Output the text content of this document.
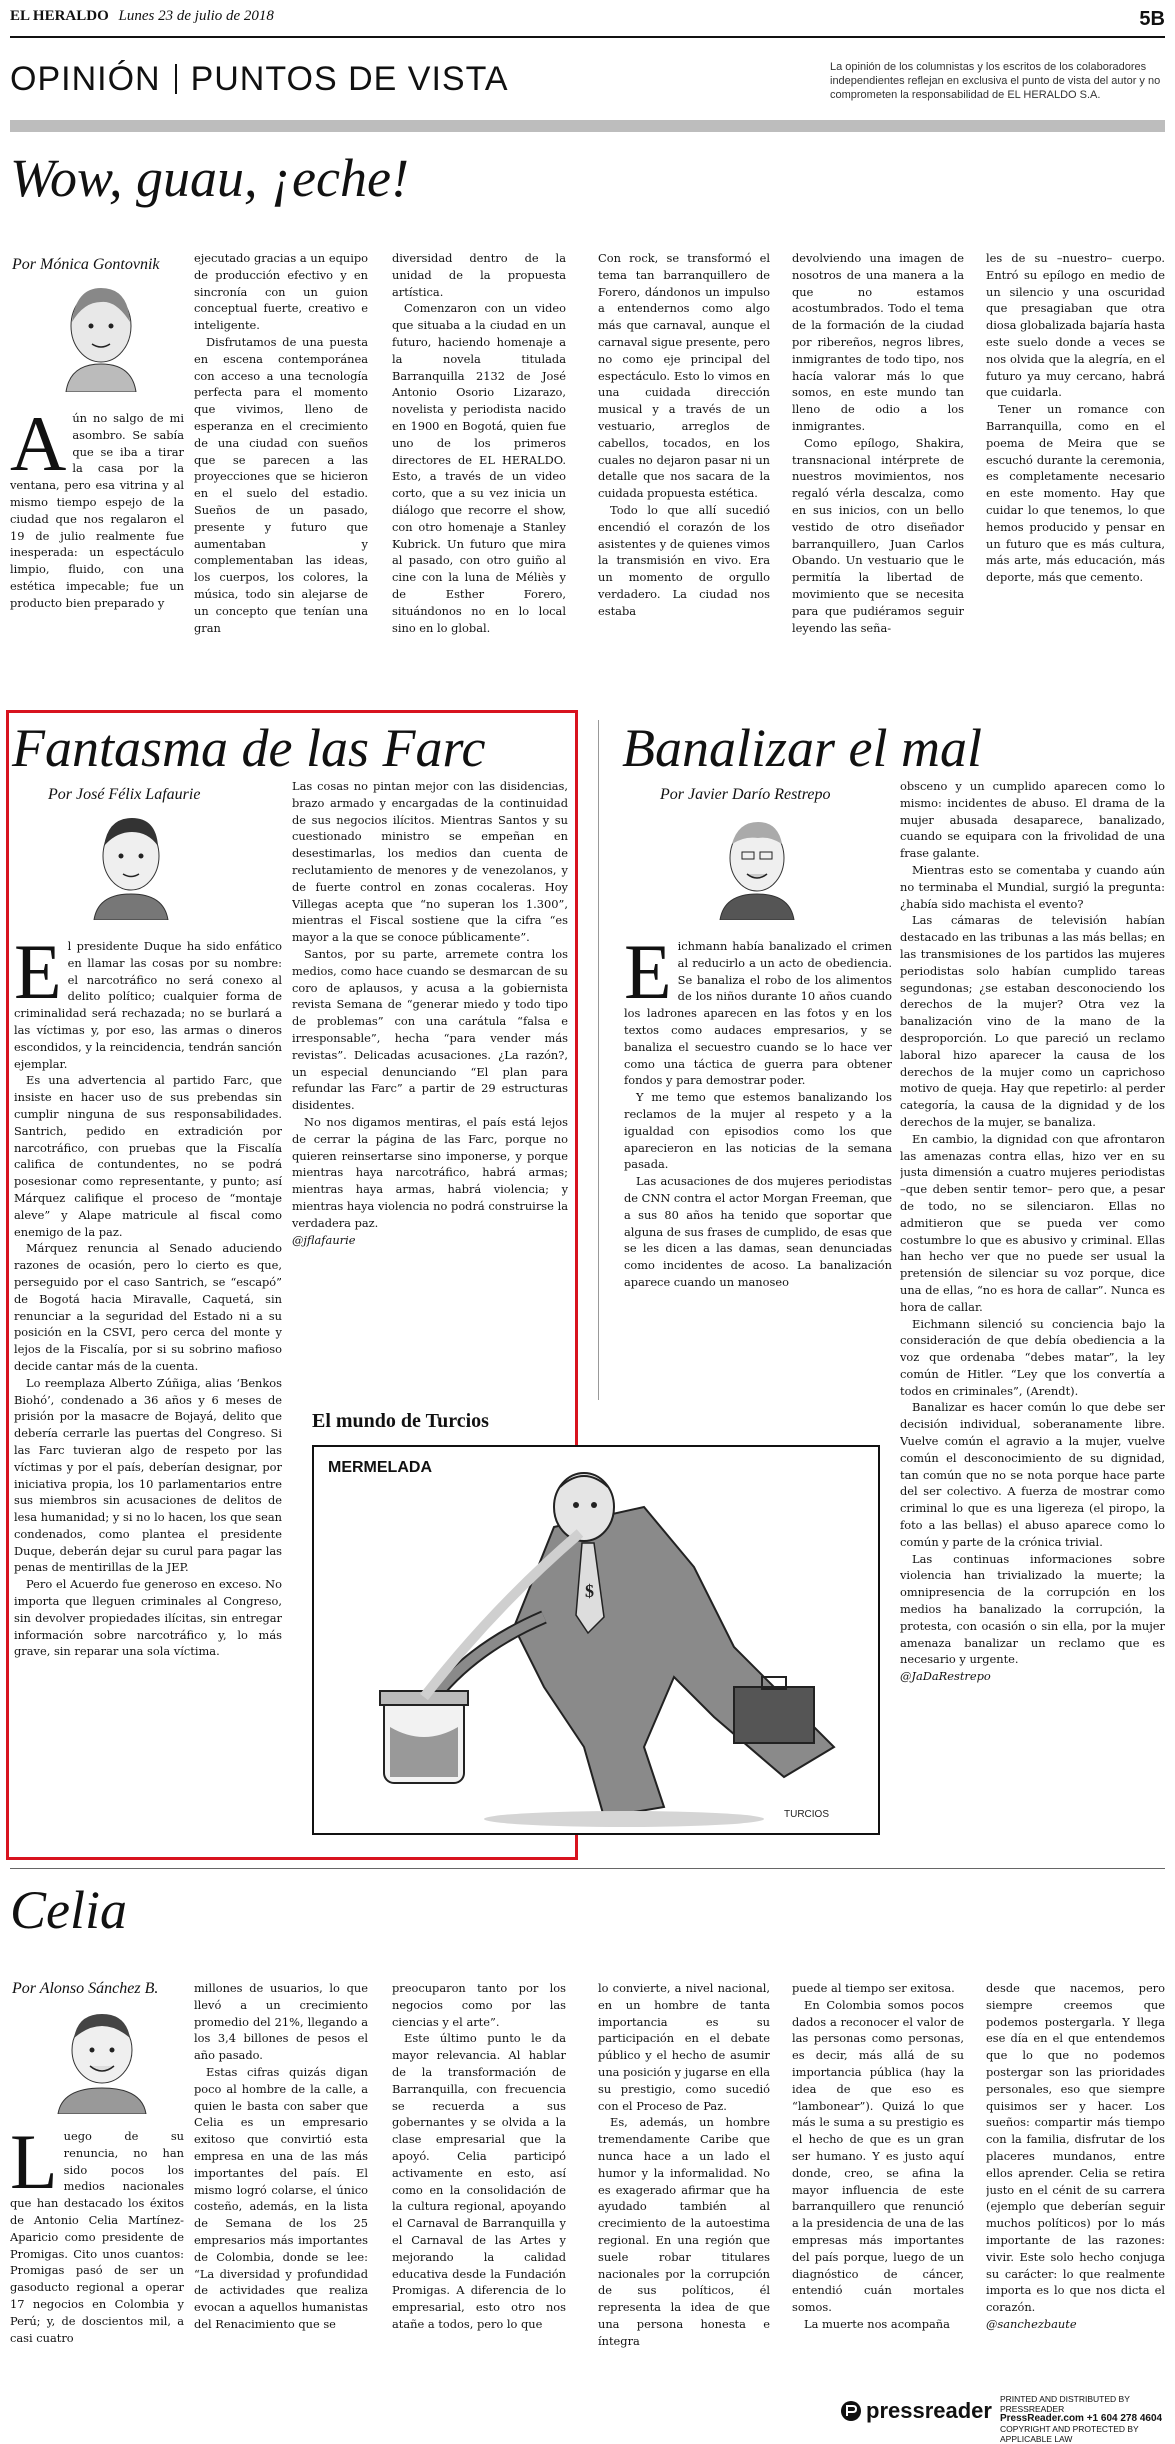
EL HERALDO Lunes 23 de julio de 2018	5B
OPINIÓN PUNTOS DE VISTA	La opinión de los columnistas y los escritos de los colaboradores independientes reflejan en exclusiva el punto de vista del autor y no comprometen la responsabilidad de EL HERALDO S.A.
Wow, guau, ¡eche!
Por Mónica Gontovnik
A ún no salgo de mi asombro. Se sabía que se iba a tirar la casa por la ventana, pero esa vitrina y al mismo tiempo espejo de la ciudad que nos regalaron el 19 de julio realmente fue inesperada: un espectáculo limpio, fluido, con una estética impecable; fue un producto bien preparado y

ejecutado gracias a un equipo de producción efectivo y en sincronía con un guion conceptual fuerte, creativo e inteligente.

Disfrutamos de una puesta en escena contemporánea con acceso a una tecnología perfecta para el momento que vivimos, lleno de esperanza en el crecimiento de una ciudad con sueños que se parecen a las proyecciones que se hicieron en el suelo del estadio. Sueños de un pasado, presente y futuro que aumentaban y complementaban las ideas, los cuerpos, los colores, la música, todo sin alejarse de un concepto que tenían una gran

diversidad dentro de la unidad de la propuesta artística.

Comenzaron con un video que situaba a la ciudad en un futuro, haciendo homenaje a la novela titulada Barranquilla 2132 de José Antonio Osorio Lizarazo, novelista y periodista nacido en 1900 en Bogotá, quien fue uno de los primeros directores de EL HERALDO. Esto, a través de un video corto, que a su vez inicia un diálogo que recorre el show, con otro homenaje a Stanley Kubrick. Un futuro que mira al pasado, con otro guiño al cine con la luna de Méliès y de Esther Forero, situándonos no en lo local sino en lo global.

Con rock, se transformó el tema tan barranquillero de Forero, dándonos un impulso a entendernos como algo más que carnaval, aunque el carnaval sigue presente, pero no como eje principal del espectáculo. Esto lo vimos en una cuidada dirección musical y a través de un vestuario, arreglos de cabellos, tocados, en los cuales no dejaron pasar ni un detalle que nos sacara de la cuidada propuesta estética.

Todo lo que allí sucedió encendió el corazón de los asistentes y de quienes vimos la transmisión en vivo. Era un momento de orgullo verdadero. La ciudad nos estaba

devolviendo una imagen de nosotros de una manera a la que no estamos acostumbrados. Todo el tema de la formación de la ciudad por ribereños, negros libres, inmigrantes de todo tipo, nos hacía valorar más lo que somos, en este mundo tan lleno de odio a los inmigrantes.

Como epílogo, Shakira, transnacional intérprete de nuestros movimientos, nos regaló vérla descalza, como en sus inicios, con un bello vestido de otro diseñador barranquillero, Juan Carlos Obando. Un vestuario que le permitía la libertad de movimiento que se necesita para que pudiéramos seguir leyendo las seña-

les de su –nuestro– cuerpo. Entró su epílogo en medio de un silencio y una oscuridad que presagiaban que otra diosa globalizada bajaría hasta este suelo donde a veces se nos olvida que la alegría, en el futuro ya muy cercano, habrá que cuidarla.

Tener un romance con Barranquilla, como en el poema de Meira que se escuchó durante la ceremonia, es completamente necesario en este momento. Hay que cuidar lo que tenemos, lo que hemos producido y pensar en un futuro que es más cultura, más arte, más educación, más deporte, más que cemento.

Fantasma de las Farc
Por José Félix Lafaurie
E l presidente Duque ha sido enfático en llamar las cosas por su nombre: el narcotráfico no será conexo al delito político; cualquier forma de criminalidad será rechazada; no se burlará a las víctimas y, por eso, las armas o dineros escondidos, y la reincidencia, tendrán sanción ejemplar.

Es una advertencia al partido Farc, que insiste en hacer uso de sus prebendas sin cumplir ninguna de sus responsabilidades. Santrich, pedido en extradición por narcotráfico, con pruebas que la Fiscalía califica de contundentes, no se podrá posesionar como representante, y punto; así Márquez califique el proceso de “montaje aleve” y Alape matricule al fiscal como enemigo de la paz.

Márquez renuncia al Senado aduciendo razones de ocasión, pero lo cierto es que, perseguido por el caso Santrich, se “escapó” de Bogotá hacia Miravalle, Caquetá, sin renunciar a la seguridad del Estado ni a su posición en la CSVI, pero cerca del monte y lejos de la Fiscalía, por si su sobrino mafioso decide cantar más de la cuenta.

Lo reemplaza Alberto Zúñiga, alias ‘Benkos Biohó’, condenado a 36 años y 6 meses de prisión por la masacre de Bojayá, delito que debería cerrarle las puertas del Congreso. Si las Farc tuvieran algo de respeto por las víctimas y por el país, deberían designar, por iniciativa propia, los 10 parlamentarios entre sus miembros sin acusaciones de delitos de lesa humanidad; y si no lo hacen, los que sean condenados, como plantea el presidente Duque, deberán dejar su curul para pagar las penas de mentirillas de la JEP.

Pero el Acuerdo fue generoso en exceso. No importa que lleguen criminales al Congreso, sin devolver propiedades ilícitas, sin entregar información sobre narcotráfico y, lo más grave, sin reparar una sola víctima.

Las cosas no pintan mejor con las disidencias, brazo armado y encargadas de la continuidad de sus negocios ilícitos. Mientras Santos y su cuestionado ministro se empeñan en desestimarlas, los medios dan cuenta de reclutamiento de menores y de venezolanos, y de fuerte control en zonas cocaleras. Hoy Villegas acepta que “no superan los 1.300”, mientras el Fiscal sostiene que la cifra “es mayor a la que se conoce públicamente”.

Santos, por su parte, arremete contra los medios, como hace cuando se desmarcan de su coro de aplausos, y acusa a la gobiernista revista Semana de “generar miedo y todo tipo de problemas” con una carátula “falsa e irresponsable”, hecha “para vender más revistas”. Delicadas acusaciones. ¿La razón?, un especial denunciando “El plan para refundar las Farc” a partir de 29 estructuras disidentes.

No nos digamos mentiras, el país está lejos de cerrar la página de las Farc, porque no quieren reinsertarse sino imponerse, y porque mientras haya narcotráfico, habrá armas; mientras haya armas, habrá violencia; y mientras haya violencia no podrá construirse la verdadera paz.

@jflafaurie

Banalizar el mal
Por Javier Darío Restrepo
E ichmann había banalizado el crimen al reducirlo a un acto de obediencia. Se banaliza el robo de los alimentos de los niños durante 10 años cuando los ladrones aparecen en las fotos y en los textos como audaces empresarios, y se banaliza el secuestro cuando se lo hace ver como una táctica de guerra para obtener fondos y para demostrar poder.

Y me temo que estemos banalizando los reclamos de la mujer al respeto y a la igualdad con episodios como los que aparecieron en las noticias de la semana pasada.

Las acusaciones de dos mujeres periodistas de CNN contra el actor Morgan Freeman, que a sus 80 años ha tenido que soportar que alguna de sus frases de cumplido, de esas que se les dicen a las damas, sean denunciadas como incidentes de acoso. La banalización aparece cuando un manoseo

obsceno y un cumplido aparecen como lo mismo: incidentes de abuso. El drama de la mujer abusada desaparece, banalizado, cuando se equipara con la frivolidad de una frase galante.

Mientras esto se comentaba y cuando aún no terminaba el Mundial, surgió la pregunta: ¿había sido machista el evento?

Las cámaras de televisión habían destacado en las tribunas a las más bellas; en las transmisiones de los partidos las mujeres periodistas solo habían cumplido tareas segundonas; ¿se estaban desconociendo los derechos de la mujer? Otra vez la banalización vino de la mano de la desproporción. Lo que pareció un reclamo laboral hizo aparecer la causa de los derechos de la mujer como un caprichoso motivo de queja. Hay que repetirlo: al perder categoría, la causa de la dignidad y de los derechos de la mujer, se banaliza.

En cambio, la dignidad con que afrontaron las amenazas contra ellas, hizo ver en su justa dimensión a cuatro mujeres periodistas –que deben sentir temor– pero que, a pesar de todo, no se silenciaron. Ellas no admitieron que se pueda ver como costumbre lo que es abusivo y criminal. Ellas han hecho ver que no puede ser usual la pretensión de silenciar su voz porque, dice una de ellas, “no es hora de callar”. Nunca es hora de callar.

Eichmann silenció su conciencia bajo la consideración de que debía obediencia a la voz que ordenaba “debes matar”, la ley común de Hitler. “Ley que los convertía a todos en criminales”, (Arendt).

Banalizar es hacer común lo que debe ser decisión individual, soberanamente libre. Vuelve común el agravio a la mujer, vuelve común el desconocimiento de su dignidad, tan común que no se nota porque hace parte del ser colectivo. A fuerza de mostrar como criminal lo que es una ligereza (el piropo, la foto a las bellas) el abuso aparece como lo común y parte de la crónica trivial.

Las continuas informaciones sobre violencia han trivializado la muerte; la omnipresencia de la corrupción en los medios ha banalizado la corrupción, la protesta, con ocasión o sin ella, por la mujer amenaza banalizar un reclamo que es necesario y urgente.

@JaDaRestrepo

El mundo de Turcios
MERMELADA
$
TURCIOS
Celia
Por Alonso Sánchez B.
L uego de su renuncia, no han sido pocos los medios nacionales que han destacado los éxitos de Antonio Celia Martínez-Aparicio como presidente de Promigas. Cito unos cuantos: Promigas pasó de ser un gasoducto regional a operar 17 negocios en Colombia y Perú; y, de doscientos mil, a casi cuatro

millones de usuarios, lo que llevó a un crecimiento promedio del 21%, llegando a los 3,4 billones de pesos el año pasado.

Estas cifras quizás digan poco al hombre de la calle, a quien le basta con saber que Celia es un empresario exitoso que convirtió esta empresa en una de las más importantes del país. El mismo logró colarse, el único costeño, además, en la lista de Semana de los 25 empresarios más importantes de Colombia, donde se lee: “La diversidad y profundidad de actividades que realiza evocan a aquellos humanistas del Renacimiento que se

preocuparon tanto por los negocios como por las ciencias y el arte”.

Este último punto le da mayor relevancia. Al hablar de la transformación de Barranquilla, con frecuencia se recuerda a sus gobernantes y se olvida a la clase empresarial que la apoyó. Celia participó activamente en esto, así como en la consolidación de la cultura regional, apoyando el Carnaval de Barranquilla y el Carnaval de las Artes y mejorando la calidad educativa desde la Fundación Promigas. A diferencia de lo empresarial, esto otro nos atañe a todos, pero lo que

lo convierte, a nivel nacional, en un hombre de tanta importancia es su participación en el debate público y el hecho de asumir una posición y jugarse en ella su prestigio, como sucedió con el Proceso de Paz.

Es, además, un hombre tremendamente Caribe que nunca hace a un lado el humor y la informalidad. No es exagerado afirmar que ha ayudado también al crecimiento de la autoestima regional. En una región que suele robar titulares nacionales por la corrupción de sus políticos, él representa la idea de que una persona honesta e íntegra

puede al tiempo ser exitosa.

En Colombia somos pocos dados a reconocer el valor de las personas como personas, es decir, más allá de su importancia pública (hay la idea de que eso es “lambonear”). Quizá lo que más le suma a su prestigio es el hecho de que es un gran ser humano. Y es justo aquí donde, creo, se afina la mayor influencia de este barranquillero que renunció a la presidencia de una de las empresas más importantes del país porque, luego de un diagnóstico de cáncer, entendió cuán mortales somos.

La muerte nos acompaña

desde que nacemos, pero siempre creemos que podemos postergarla. Y llega ese día en el que entendemos que lo que no podemos postergar son las prioridades personales, eso que siempre quisimos ser y hacer. Los sueños: compartir más tiempo con la familia, disfrutar de los placeres mundanos, entre ellos aprender. Celia se retira justo en el cénit de su carrera (ejemplo que deberían seguir muchos políticos) por lo más importante de las razones: vivir. Este solo hecho conjuga su carácter: lo que realmente importa es lo que nos dicta el corazón.

@sanchezbaute

pressreader PRINTED AND DISTRIBUTED BY PRESSREADER
PressReader.com +1 604 278 4604
COPYRIGHT AND PROTECTED BY APPLICABLE LAW
